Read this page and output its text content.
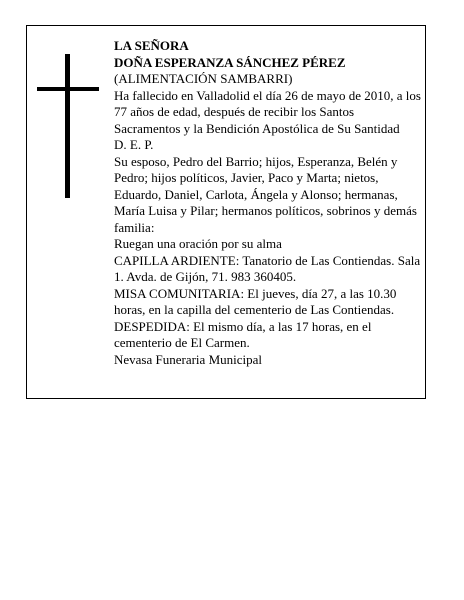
LA SEÑORA

DOÑA ESPERANZA SÁNCHEZ PÉREZ

(ALIMENTACIÓN SAMBARRI)

Ha fallecido en Valladolid el día 26 de mayo de 2010, a los 77 años de edad, después de recibir los Santos Sacramentos y la Bendición Apostólica de Su Santidad

D. E. P.

Su esposo, Pedro del Barrio; hijos, Esperanza, Belén y Pedro; hijos políticos, Javier, Paco y Marta; nietos, Eduardo, Daniel, Carlota, Ángela y Alonso; hermanas, María Luisa y Pilar; hermanos políticos, sobrinos y demás familia:

Ruegan una oración por su alma

CAPILLA ARDIENTE: Tanatorio de Las Contiendas. Sala 1. Avda. de Gijón, 71. 983 360405.

MISA COMUNITARIA: El jueves, día 27, a las 10.30 horas, en la capilla del cementerio de Las Contiendas.

DESPEDIDA: El mismo día, a las 17 horas, en el cementerio de El Carmen.

Nevasa Funeraria Municipal
